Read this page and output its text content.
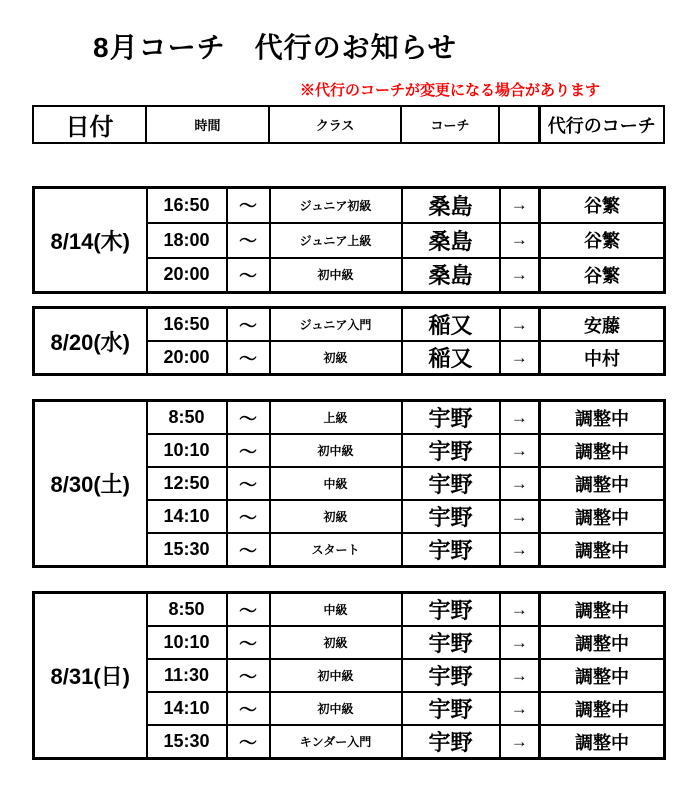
8月コーチ　代行のお知らせ
※代行のコーチが変更になる場合があります
日付	時間	クラス	コーチ		代行のコーチ
8/14(木)	16:50	～	ジュニア初級	桑島	→	谷繁
	18:00	～	ジュニア上級	桑島	→	谷繁
	20:00	～	初中級	桑島	→	谷繁
8/20(水)	16:50	～	ジュニア入門	稲又	→	安藤
	20:00	～	初級	稲又	→	中村
8/30(土)	8:50	～	上級	宇野	→	調整中
	10:10	～	初中級	宇野	→	調整中
	12:50	～	中級	宇野	→	調整中
	14:10	～	初級	宇野	→	調整中
	15:30	～	スタート	宇野	→	調整中
8/31(日)	8:50	～	中級	宇野	→	調整中
	10:10	～	初級	宇野	→	調整中
	11:30	～	初中級	宇野	→	調整中
	14:10	～	初中級	宇野	→	調整中
	15:30	～	キンダー入門	宇野	→	調整中
